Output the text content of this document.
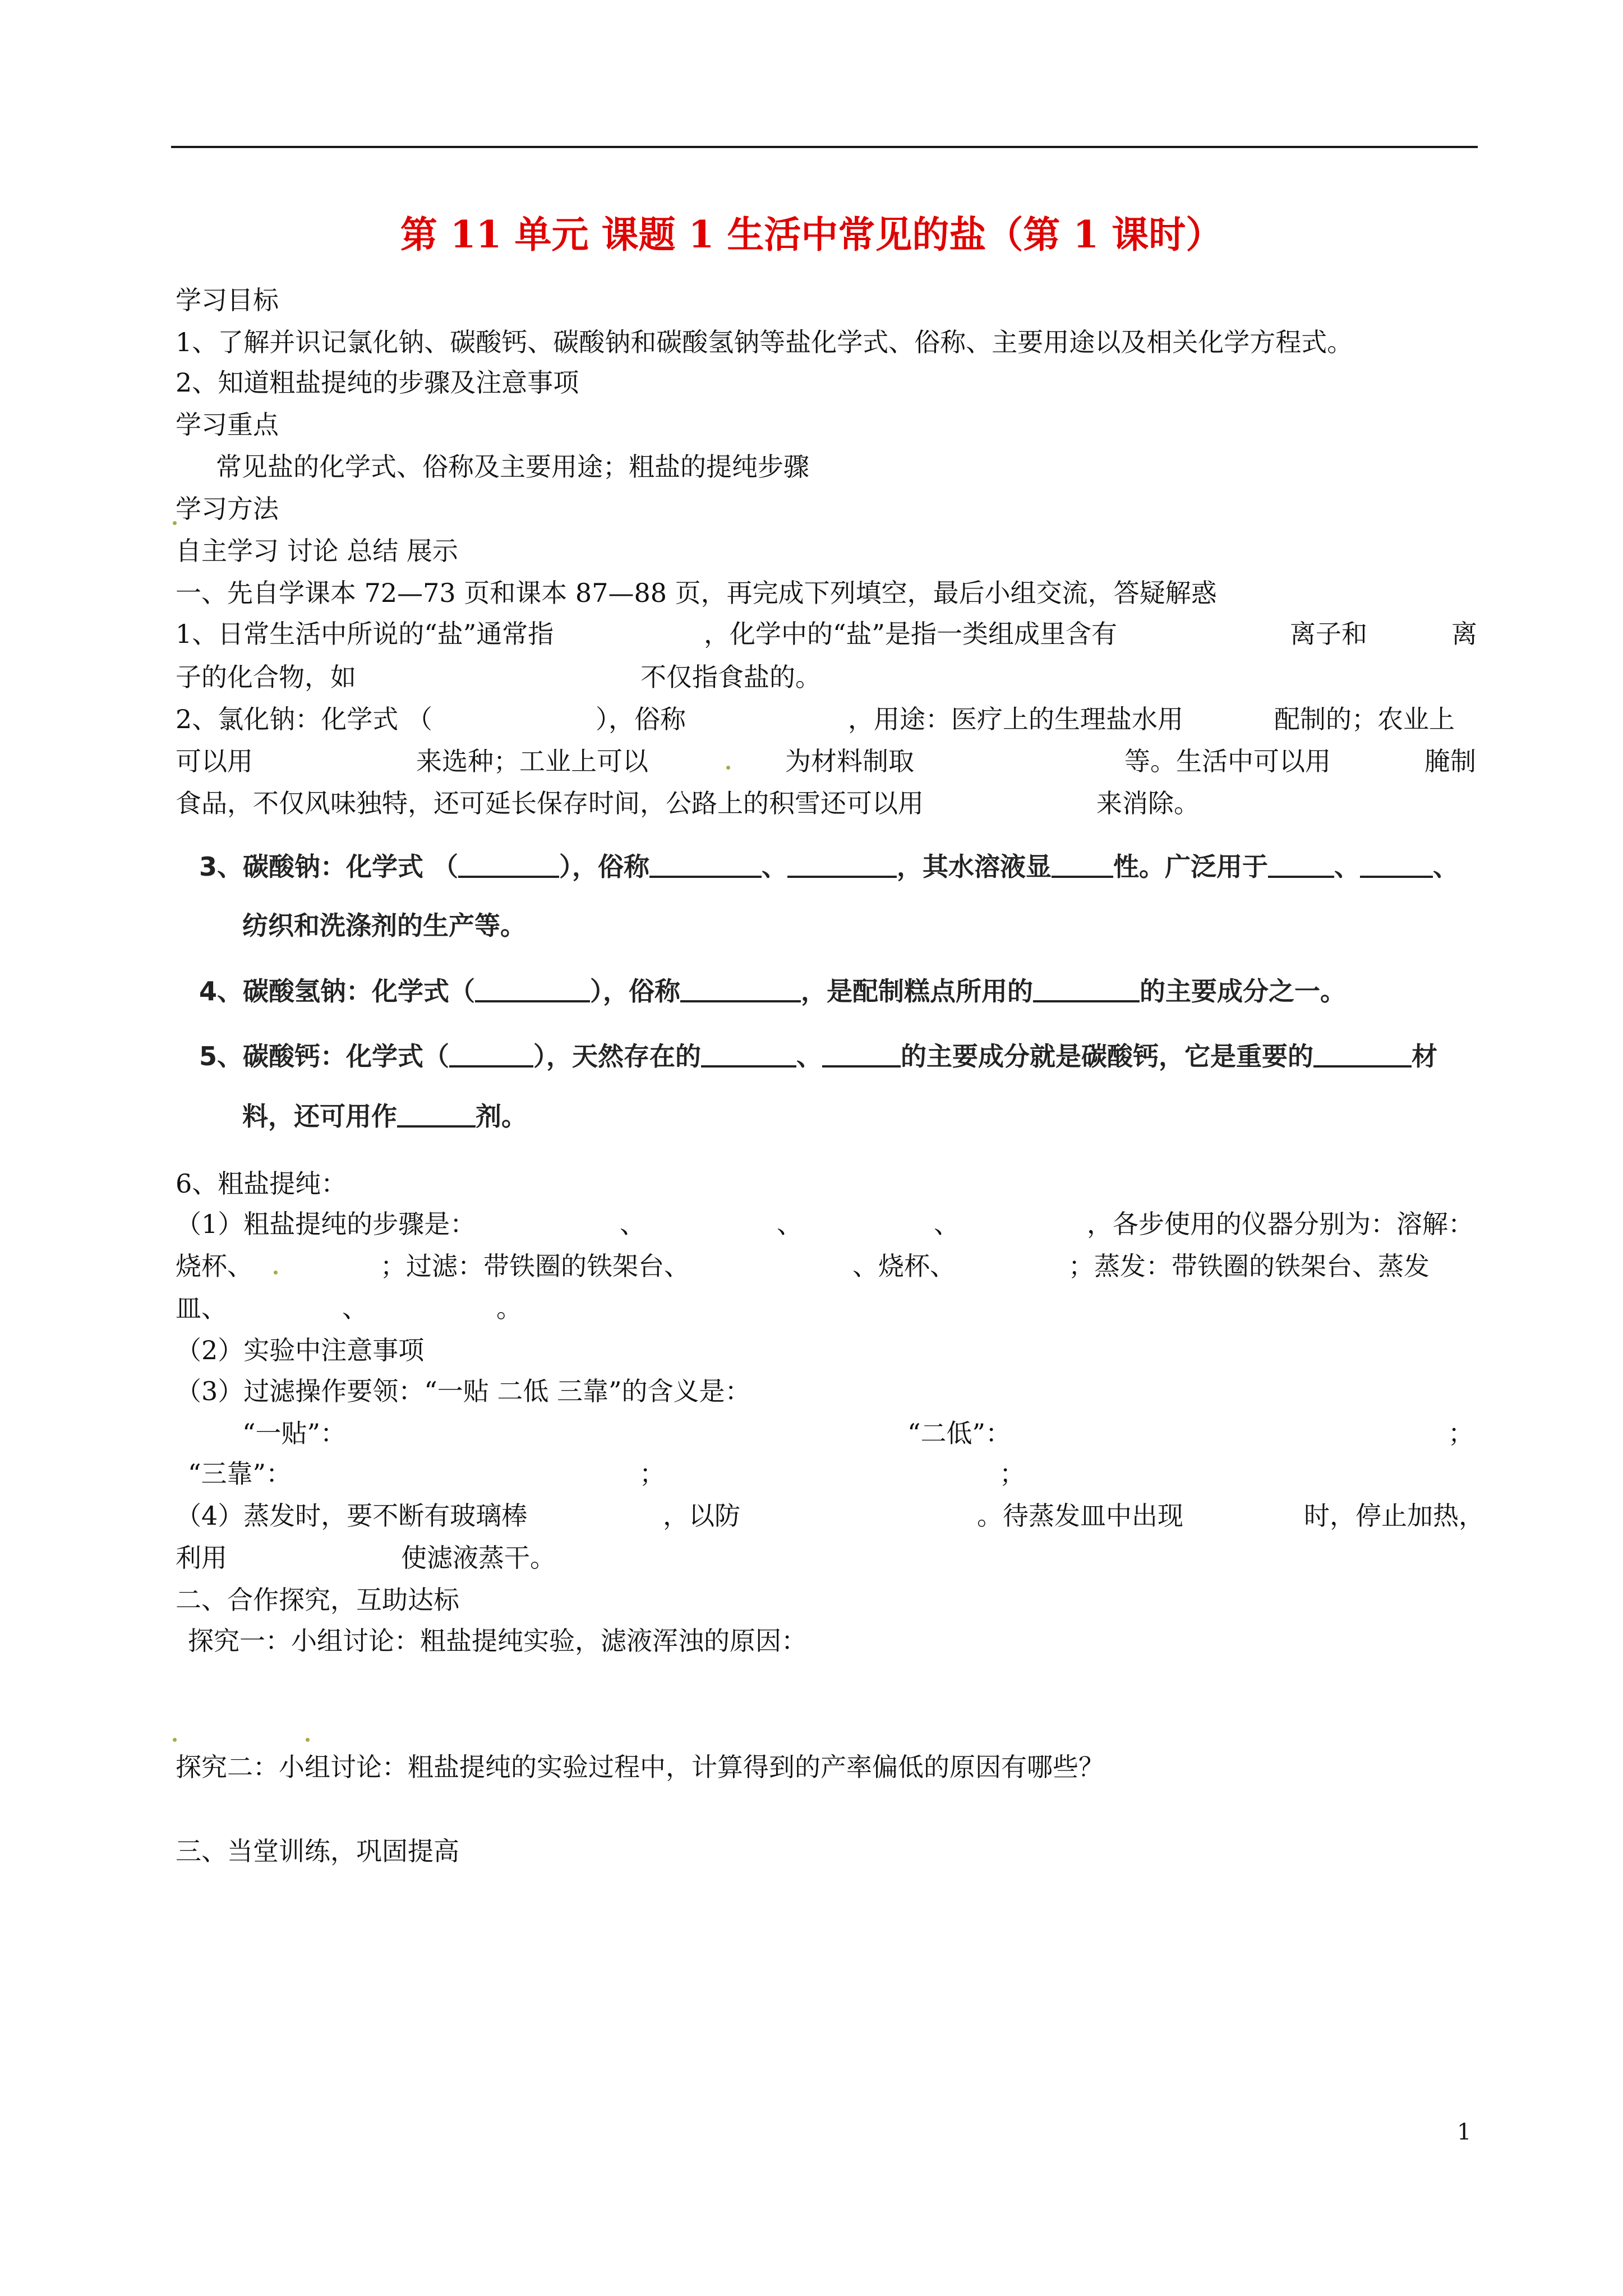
第 11 单元 课题 1 生活中常见的盐（第 1 课时）
学习目标
1、了解并识记氯化钠、碳酸钙、碳酸钠和碳酸氢钠等盐化学式、俗称、主要用途以及相关化学方程式。
2、知道粗盐提纯的步骤及注意事项
学习重点
常见盐的化学式、俗称及主要用途；粗盐的提纯步骤
学习方法
自主学习 讨论 总结 展示
一、先自学课本 72—73 页和课本 87—88 页，再完成下列填空，最后小组交流，答疑解惑
1、日常生活中所说的“盐”通常指	，化学中的“盐”是指一类组成里含有	离子和	离
子的化合物，如	不仅指食盐的。
2、氯化钠：化学式 （	），俗称	，用途：医疗上的生理盐水用	配制的；农业上
可以用	来选种；工业上可以	为材料制取	等。生活中可以用	腌制
食品，不仅风味独特，还可延长保存时间，公路上的积雪还可以用	来消除。
3、碳酸钠：化学式 （	），俗称	、	，其水溶液显 性。广泛用于	、	、
纺织和洗涤剂的生产等。
4、碳酸氢钠：化学式（	），俗称	，是配制糕点所用的	的主要成分之一。
5、碳酸钙：化学式（	），天然存在的	、	的主要成分就是碳酸钙，它是重要的	材
料，还可用作	剂。
6、粗盐提纯：
（1）粗盐提纯的步骤是：	、	、	、	，各步使用的仪器分别为：溶解：
烧杯、	；过滤：带铁圈的铁架台、	、烧杯、	；蒸发：带铁圈的铁架台、蒸发
皿、	、	。
（2）实验中注意事项
（3）过滤操作要领：“一贴 二低 三靠”的含义是：
“一贴”：	“二低”：	；
“三靠”：	；	；
（4）蒸发时，要不断有玻璃棒	，以防	。待蒸发皿中出现	时，停止加热，
利用	使滤液蒸干。
二、合作探究，互助达标
探究一：小组讨论：粗盐提纯实验，滤液浑浊的原因：
探究二：小组讨论：粗盐提纯的实验过程中，计算得到的产率偏低的原因有哪些？
三、当堂训练，巩固提高
1
